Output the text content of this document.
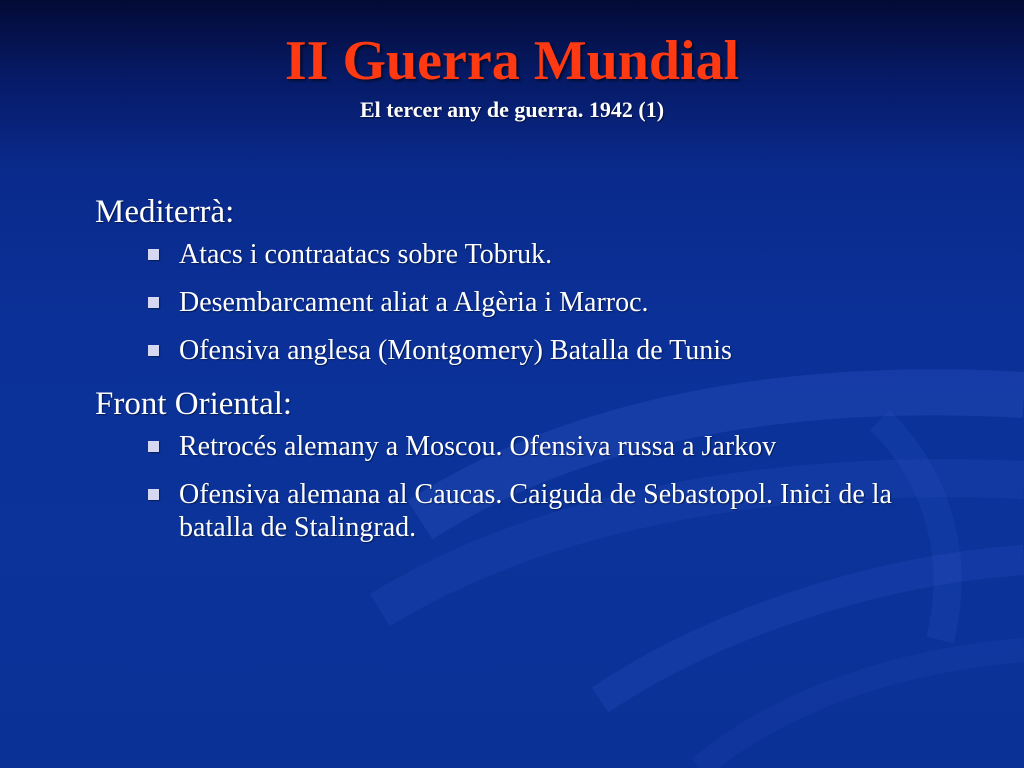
II Guerra Mundial
El tercer any de guerra. 1942 (1)
Mediterrà:
Atacs i contraatacs sobre Tobruk.
Desembarcament aliat a Algèria i Marroc.
Ofensiva anglesa (Montgomery) Batalla de Tunis
Front Oriental:
Retrocés alemany a Moscou. Ofensiva russa a Jarkov
Ofensiva alemana al Caucas. Caiguda de Sebastopol. Inici de la batalla de Stalingrad.
